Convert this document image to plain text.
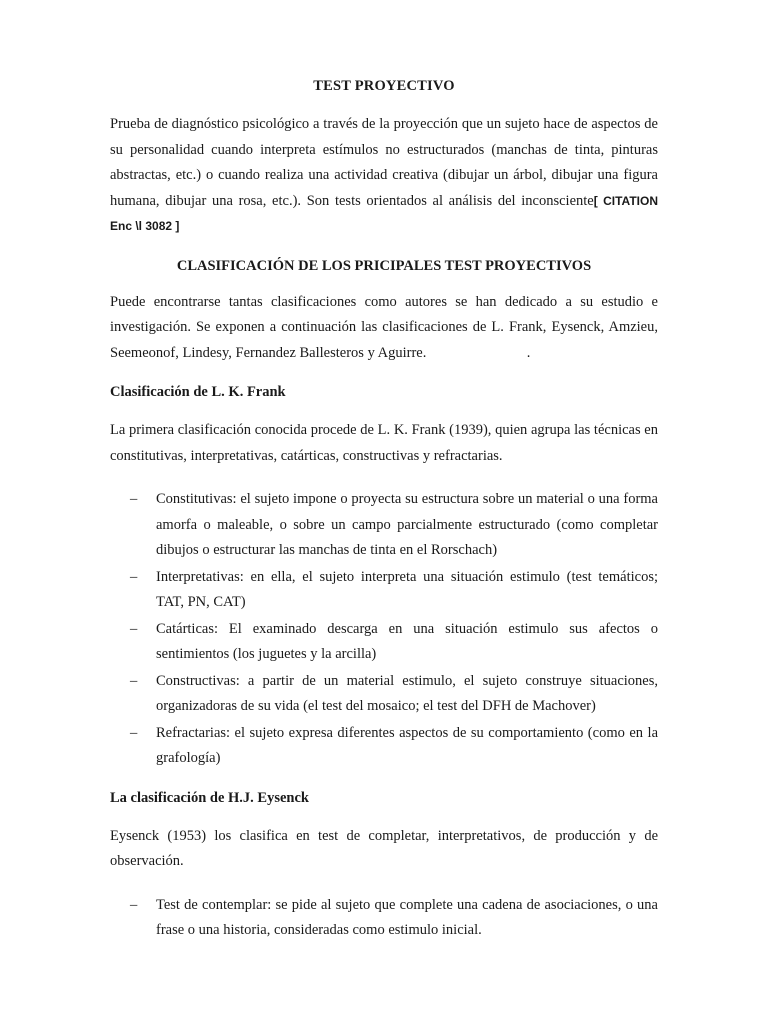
TEST PROYECTIVO

Prueba de diagnóstico psicológico a través de la proyección que un sujeto hace de aspectos de su personalidad cuando interpreta estímulos no estructurados (manchas de tinta, pinturas abstractas, etc.) o cuando realiza una actividad creativa (dibujar un árbol, dibujar una figura humana, dibujar una rosa, etc.). Son tests orientados al análisis del inconsciente[ CITATION Enc \l 3082 ]

CLASIFICACIÓN DE LOS PRICIPALES TEST PROYECTIVOS

Puede encontrarse tantas clasificaciones como autores se han dedicado a su estudio e investigación. Se exponen a continuación las clasificaciones de L. Frank, Eysenck, Amzieu, Seemeonof, Lindesy, Fernandez Ballesteros y Aguirre.	.

Clasificación de L. K. Frank

La primera clasificación conocida procede de L. K. Frank (1939), quien agrupa las técnicas en constitutivas, interpretativas, catárticas, constructivas y refractarias.

– Constitutivas: el sujeto impone o proyecta su estructura sobre un material o una forma amorfa o maleable, o sobre un campo parcialmente estructurado (como completar dibujos o estructurar las manchas de tinta en el Rorschach)
– Interpretativas: en ella, el sujeto interpreta una situación estimulo (test temáticos; TAT, PN, CAT)
– Catárticas: El examinado descarga en una situación estimulo sus afectos o sentimientos (los juguetes y la arcilla)
– Constructivas: a partir de un material estimulo, el sujeto construye situaciones, organizadoras de su vida (el test del mosaico; el test del DFH de Machover)
– Refractarias: el sujeto expresa diferentes aspectos de su comportamiento (como en la grafología)
La clasificación de H.J. Eysenck

Eysenck (1953) los clasifica en test de completar, interpretativos, de producción y de observación.

– Test de contemplar: se pide al sujeto que complete una cadena de asociaciones, o una frase o una historia, consideradas como estimulo inicial.
